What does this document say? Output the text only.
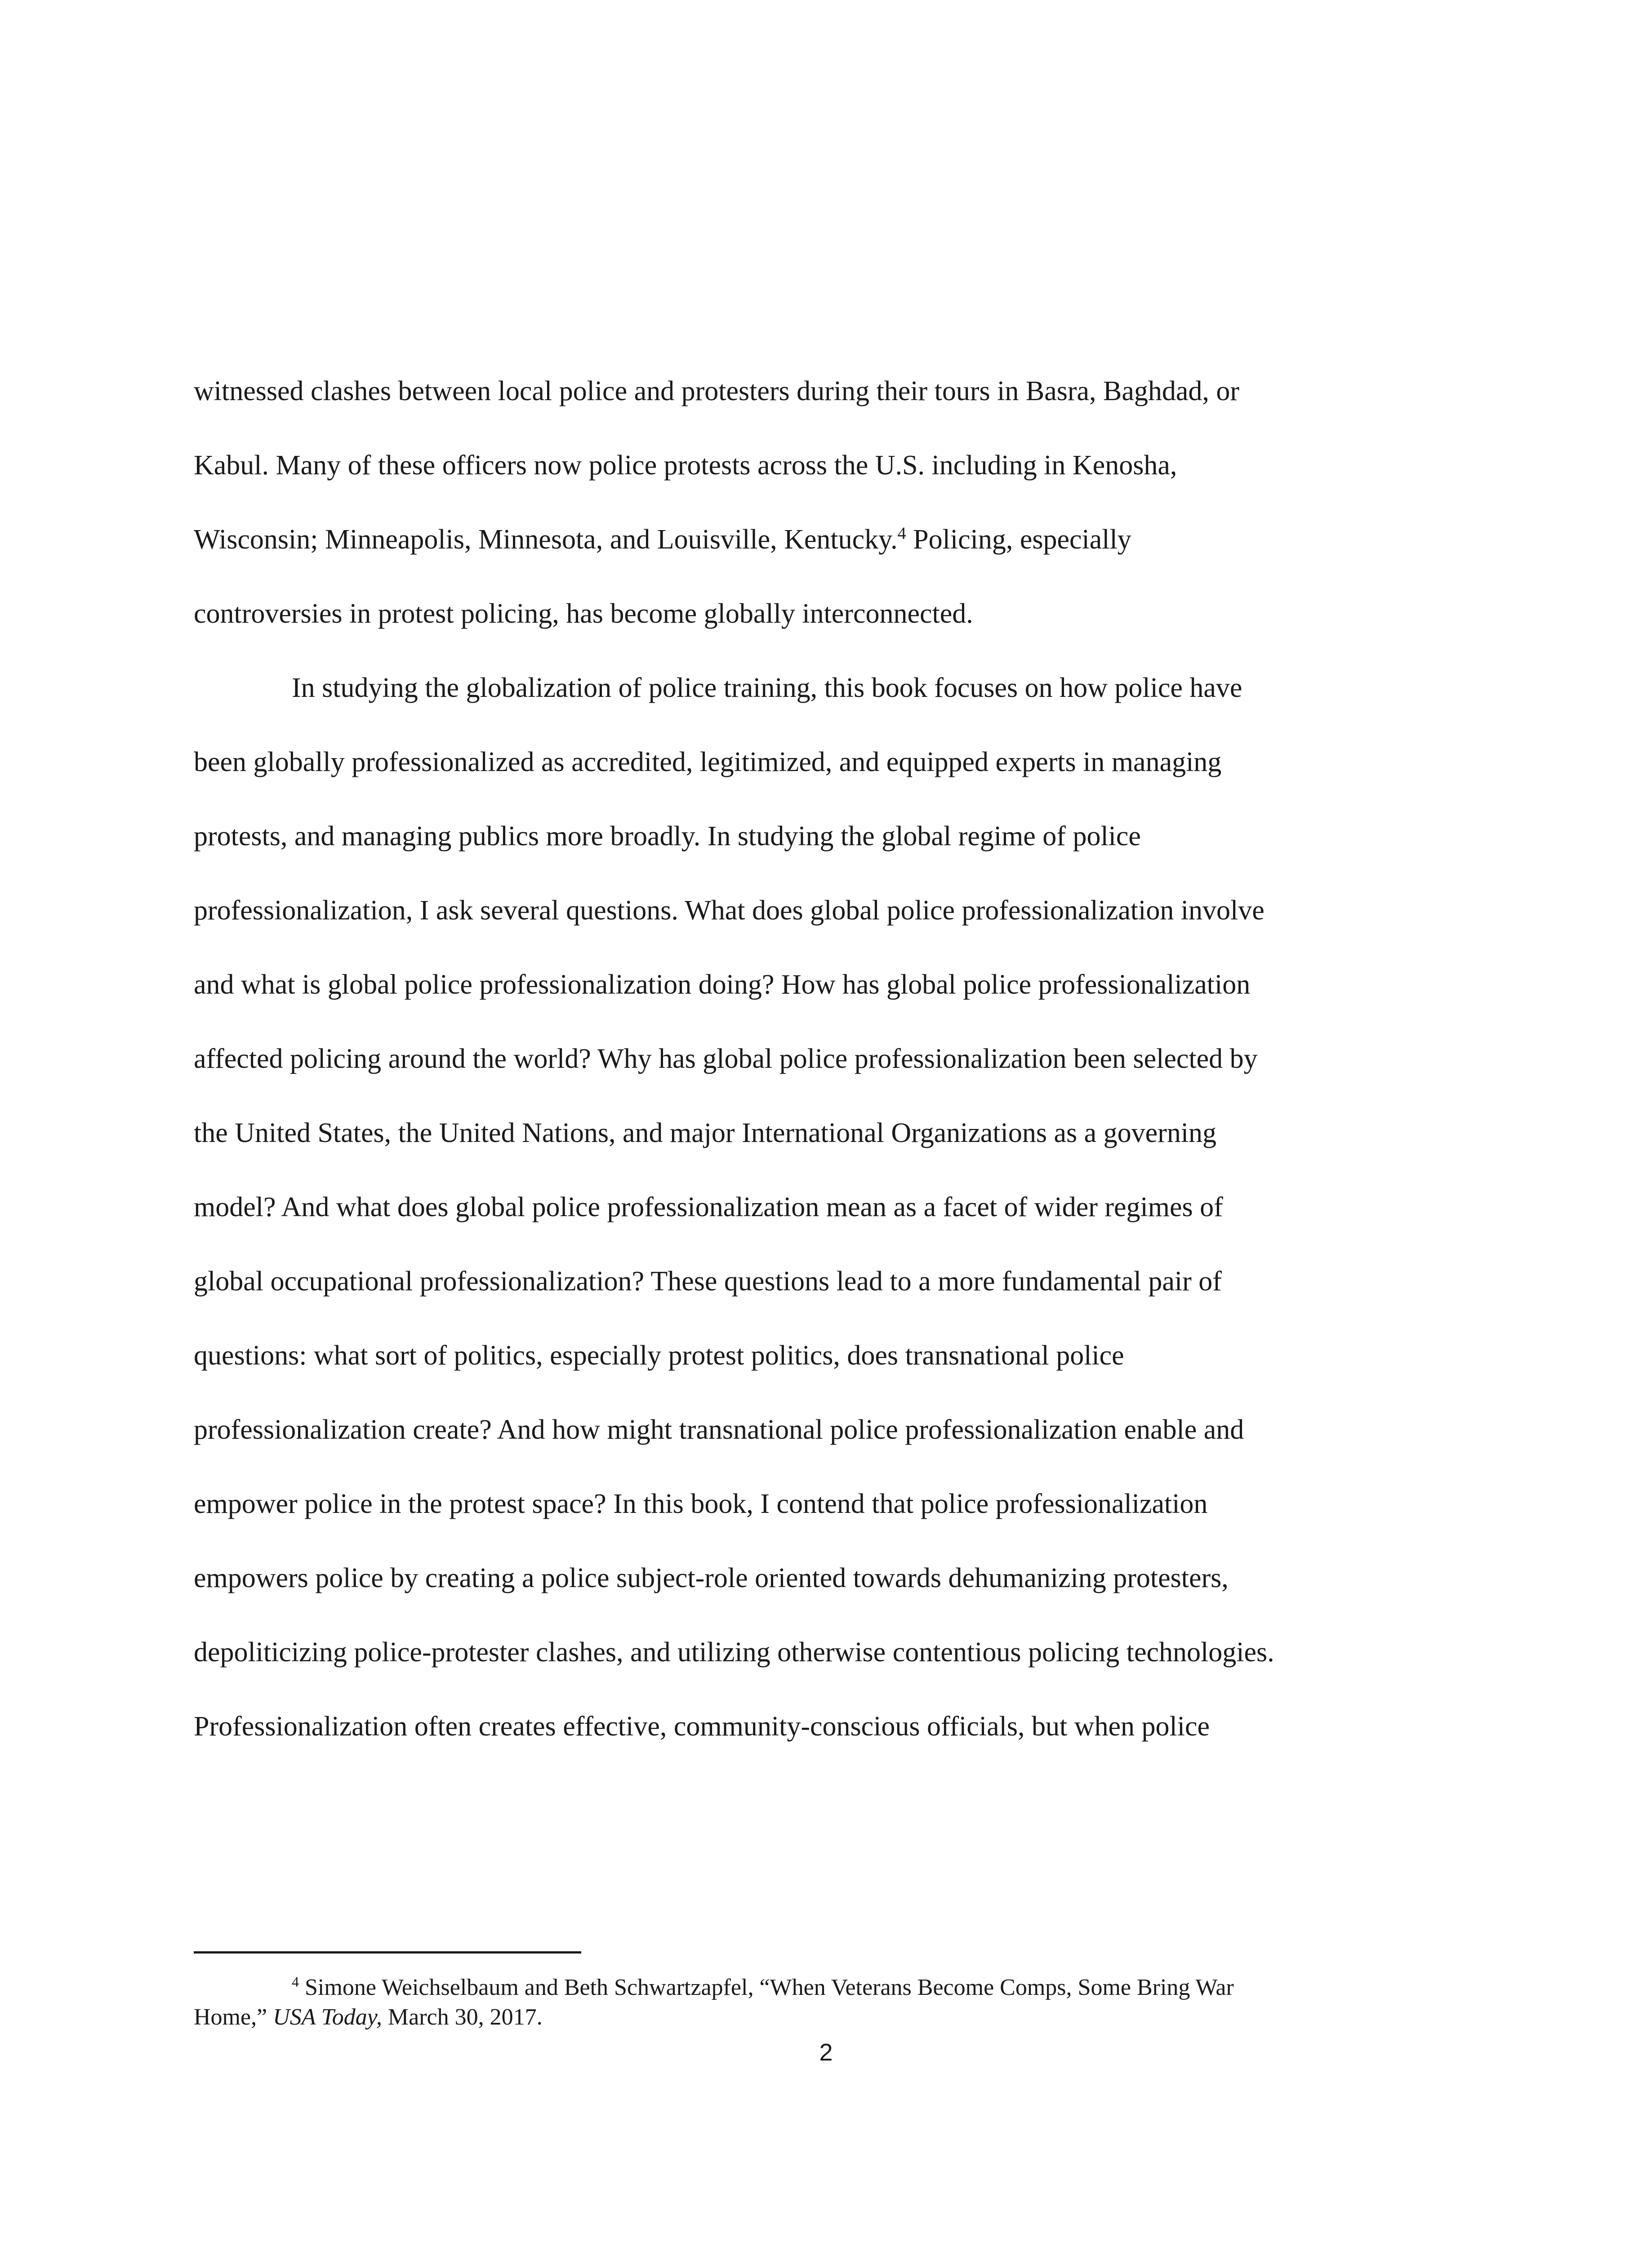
witnessed clashes between local police and protesters during their tours in Basra, Baghdad, or
Kabul. Many of these officers now police protests across the U.S. including in Kenosha,
Wisconsin; Minneapolis, Minnesota, and Louisville, Kentucky.$^4$ Policing, especially
controversies in protest policing, has become globally interconnected.
In studying the globalization of police training, this book focuses on how police have
been globally professionalized as accredited, legitimized, and equipped experts in managing
protests, and managing publics more broadly. In studying the global regime of police
professionalization, I ask several questions. What does global police professionalization involve
and what is global police professionalization doing? How has global police professionalization
affected policing around the world? Why has global police professionalization been selected by
the United States, the United Nations, and major International Organizations as a governing
model? And what does global police professionalization mean as a facet of wider regimes of
global occupational professionalization? These questions lead to a more fundamental pair of
questions: what sort of politics, especially protest politics, does transnational police
professionalization create? And how might transnational police professionalization enable and
empower police in the protest space? In this book, I contend that police professionalization
empowers police by creating a police subject-role oriented towards dehumanizing protesters,
depoliticizing police-protester clashes, and utilizing otherwise contentious policing technologies.
Professionalization often creates effective, community-conscious officials, but when police
$^4$ Simone Weichselbaum and Beth Schwartzapfel, “When Veterans Become Comps, Some Bring War
Home,” USA Today, March 30, 2017.
2
